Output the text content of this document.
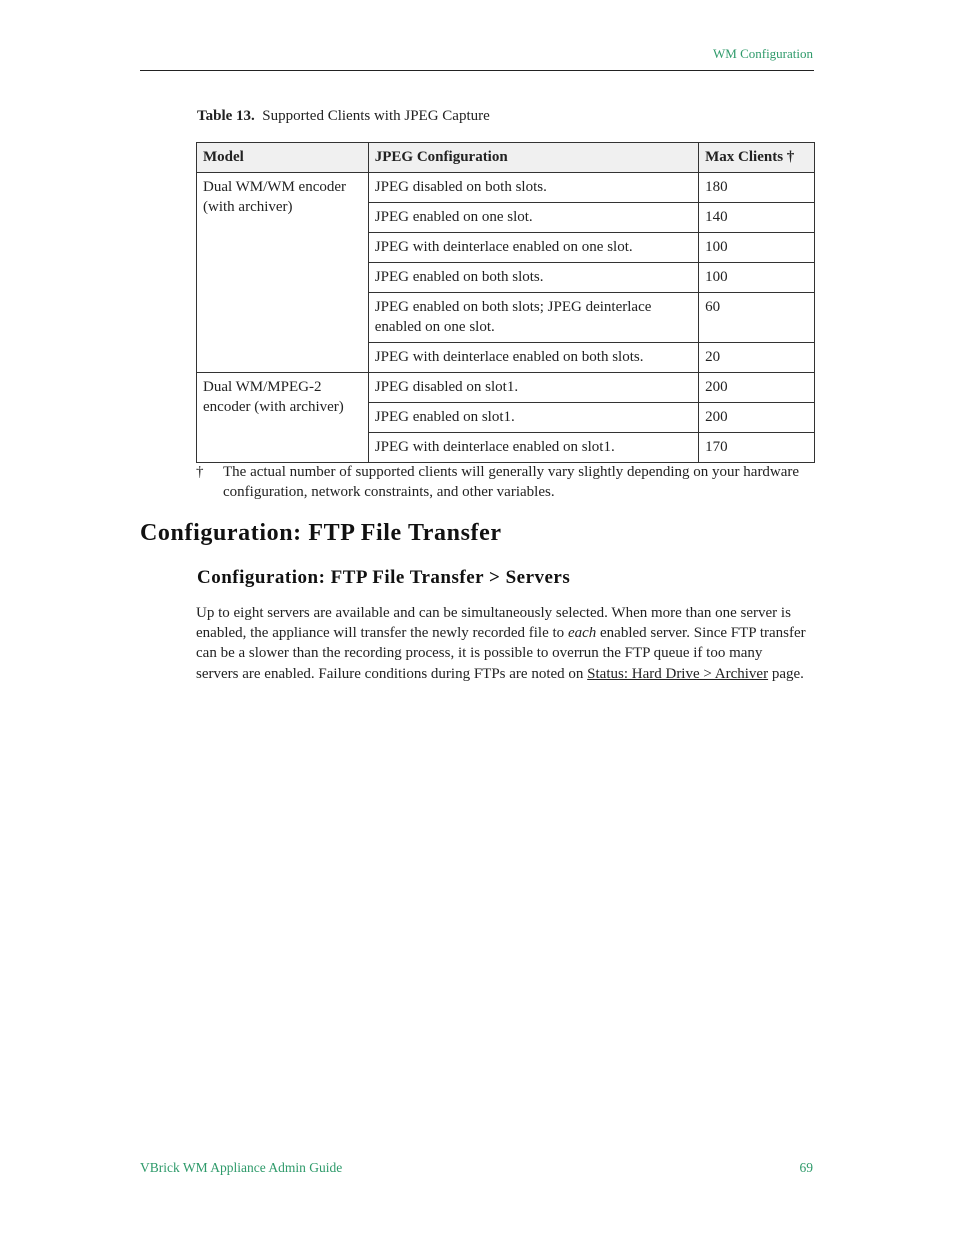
WM Configuration
Table 13. Supported Clients with JPEG Capture
Model	JPEG Configuration	Max Clients †
Dual WM/WM encoder (with archiver)	JPEG disabled on both slots.	180
	JPEG enabled on one slot.	140
	JPEG with deinterlace enabled on one slot.	100
	JPEG enabled on both slots.	100
	JPEG enabled on both slots; JPEG deinterlace enabled on one slot.	60
	JPEG with deinterlace enabled on both slots.	20
Dual WM/MPEG-2 encoder (with archiver)	JPEG disabled on slot1.	200
	JPEG enabled on slot1.	200
	JPEG with deinterlace enabled on slot1.	170
† The actual number of supported clients will generally vary slightly depending on your hardware configuration, network constraints, and other variables.
Configuration: FTP File Transfer
Configuration: FTP File Transfer > Servers

Up to eight servers are available and can be simultaneously selected. When more than one server is enabled, the appliance will transfer the newly recorded file to each enabled server. Since FTP transfer can be a slower than the recording process, it is possible to overrun the FTP queue if too many servers are enabled. Failure conditions during FTPs are noted on Status: Hard Drive > Archiver page.

VBrick WM Appliance Admin Guide	69
